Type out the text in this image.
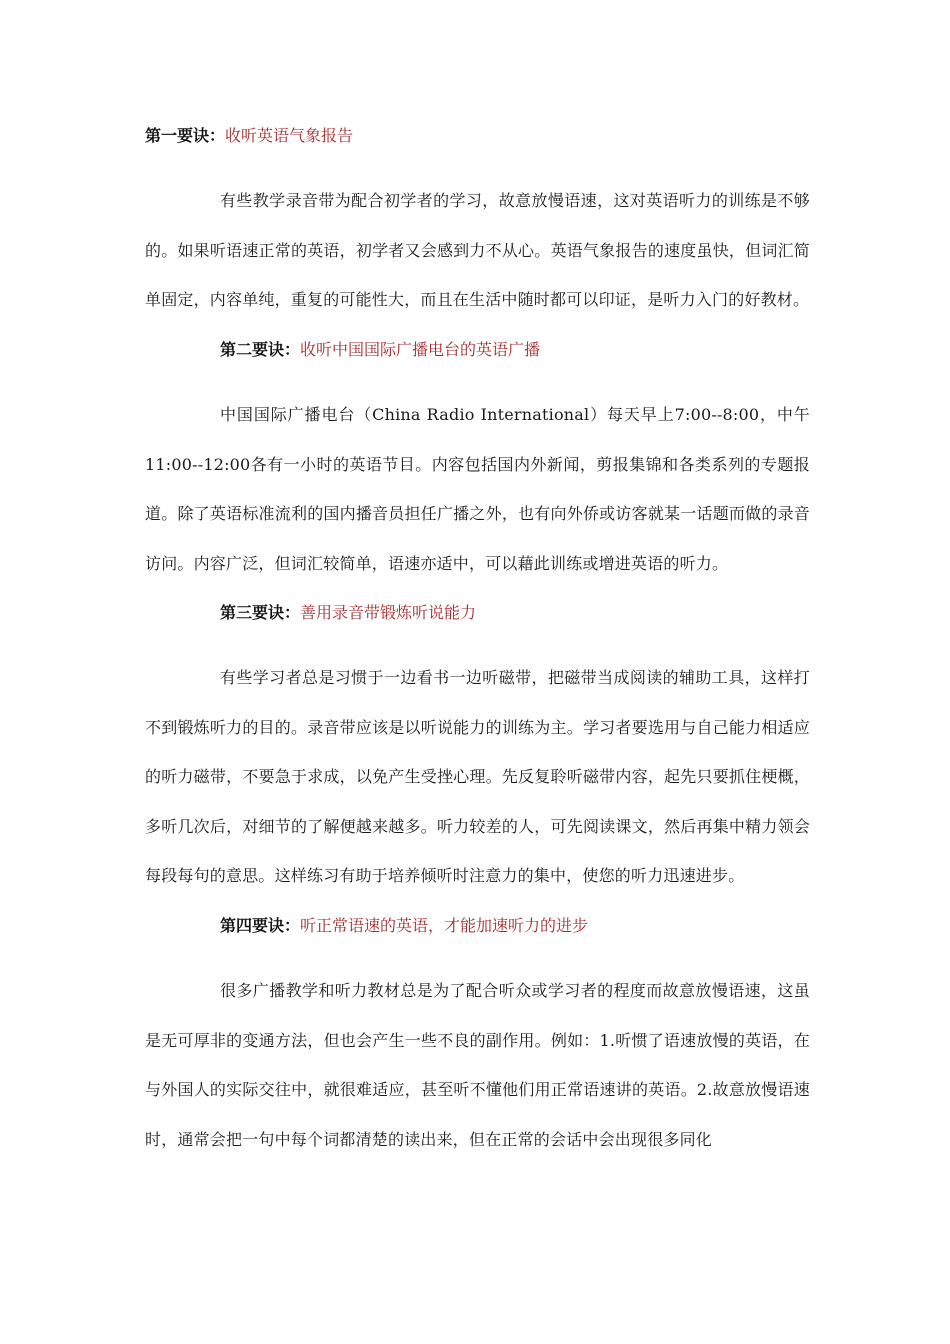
第一要诀：收听英语气象报告
有些教学录音带为配合初学者的学习，故意放慢语速，这对英语听力的训练是不够的。如果听语速正常的英语，初学者又会感到力不从心。英语气象报告的速度虽快，但词汇简单固定，内容单纯，重复的可能性大，而且在生活中随时都可以印证，是听力入门的好教材。
第二要诀：收听中国国际广播电台的英语广播
中国国际广播电台（China Radio International）每天早上7:00--8:00，中午11:00--12:00各有一小时的英语节目。内容包括国内外新闻，剪报集锦和各类系列的专题报道。除了英语标准流利的国内播音员担任广播之外，也有向外侨或访客就某一话题而做的录音访问。内容广泛，但词汇较简单，语速亦适中，可以藉此训练或增进英语的听力。
第三要诀：善用录音带锻炼听说能力
有些学习者总是习惯于一边看书一边听磁带，把磁带当成阅读的辅助工具，这样打不到锻炼听力的目的。录音带应该是以听说能力的训练为主。学习者要选用与自己能力相适应的听力磁带，不要急于求成，以免产生受挫心理。先反复聆听磁带内容，起先只要抓住梗概，多听几次后，对细节的了解便越来越多。听力较差的人，可先阅读课文，然后再集中精力领会每段每句的意思。这样练习有助于培养倾听时注意力的集中，使您的听力迅速进步。
第四要诀：听正常语速的英语，才能加速听力的进步
很多广播教学和听力教材总是为了配合听众或学习者的程度而故意放慢语速，这虽是无可厚非的变通方法，但也会产生一些不良的副作用。例如：1.听惯了语速放慢的英语，在与外国人的实际交往中，就很难适应，甚至听不懂他们用正常语速讲的英语。2.故意放慢语速时，通常会把一句中每个词都清楚的读出来，但在正常的会话中会出现很多同化
